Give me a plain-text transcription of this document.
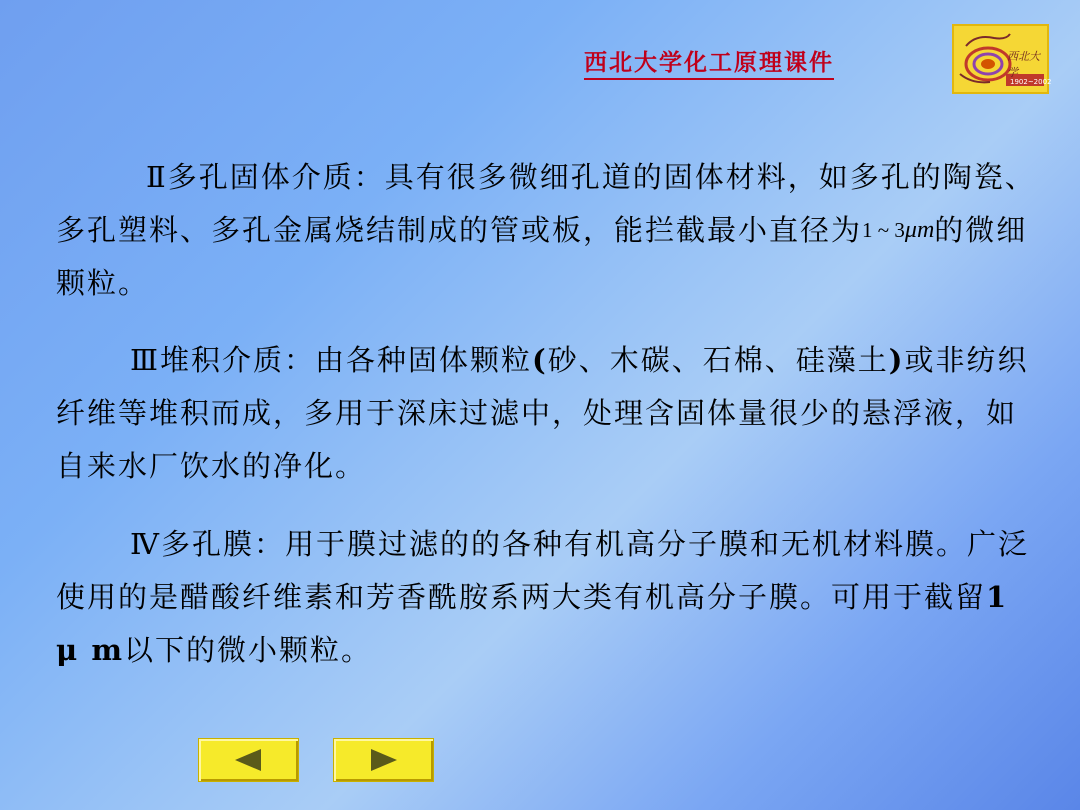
西北大学化工原理课件	西北大学
1902~2002

Ⅱ多孔固体介质：具有很多微细孔道的固体材料，如多孔的陶瓷、多孔塑料、多孔金属烧结制成的管或板，能拦截最小直径为1 ~ 3μm的微细颗粒。

Ⅲ堆积介质：由各种固体颗粒(砂、木碳、石棉、硅藻土)或非纺织纤维等堆积而成，多用于深床过滤中，处理含固体量很少的悬浮液，如自来水厂饮水的净化。

Ⅳ多孔膜：用于膜过滤的的各种有机高分子膜和无机材料膜。广泛使用的是醋酸纤维素和芳香酰胺系两大类有机高分子膜。可用于截留1 μ m以下的微小颗粒。
